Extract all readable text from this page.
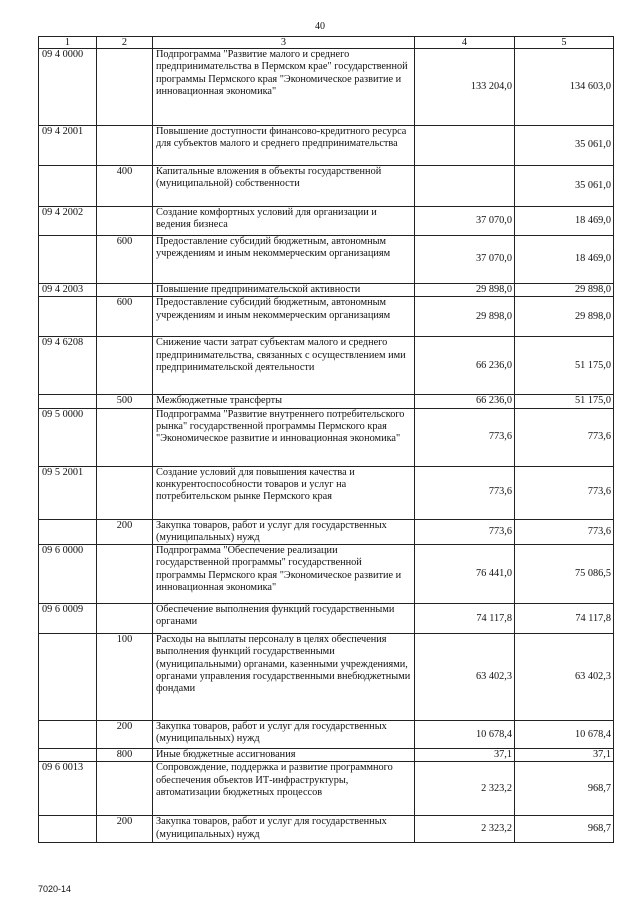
40
1	2	3	4	5
09 4 0000		Подпрограмма "Развитие малого и среднего предпринимательства в Пермском крае" государственной программы Пермского края "Экономическое развитие и инновационная экономика"	133 204,0	134 603,0
09 4 2001		Повышение доступности финансово-кредитного ресурса для субъектов малого и среднего предпринимательства		35 061,0
	400	Капитальные вложения в объекты государственной (муниципальной) собственности		35 061,0
09 4 2002		Создание комфортных условий для организации и ведения бизнеса	37 070,0	18 469,0
	600	Предоставление субсидий бюджетным, автономным учреждениям и иным некоммерческим организациям	37 070,0	18 469,0
09 4 2003		Повышение предпринимательской активности	29 898,0	29 898,0
	600	Предоставление субсидий бюджетным, автономным учреждениям и иным некоммерческим организациям	29 898,0	29 898,0
09 4 6208		Снижение части затрат субъектам малого и среднего предпринимательства, связанных с осуществлением ими предпринимательской деятельности	66 236,0	51 175,0
	500	Межбюджетные трансферты	66 236,0	51 175,0
09 5 0000		Подпрограмма "Развитие внутреннего потребительского рынка" государственной программы Пермского края "Экономическое развитие и инновационная экономика"	773,6	773,6
09 5 2001		Создание условий для повышения качества и конкурентоспособности товаров и услуг на потребительском рынке Пермского края	773,6	773,6
	200	Закупка товаров, работ и услуг для государственных (муниципальных) нужд	773,6	773,6
09 6 0000		Подпрограмма "Обеспечение реализации государственной программы" государственной программы Пермского края "Экономическое развитие и инновационная экономика"	76 441,0	75 086,5
09 6 0009		Обеспечение выполнения функций государственными органами	74 117,8	74 117,8
	100	Расходы на выплаты персоналу в целях обеспечения выполнения функций государственными (муниципальными) органами, казенными учреждениями, органами управления государственными внебюджетными фондами	63 402,3	63 402,3
	200	Закупка товаров, работ и услуг для государственных (муниципальных) нужд	10 678,4	10 678,4
	800	Иные бюджетные ассигнования	37,1	37,1
09 6 0013		Сопровождение, поддержка и развитие программного обеспечения объектов ИТ-инфраструктуры, автоматизации бюджетных процессов	2 323,2	968,7
	200	Закупка товаров, работ и услуг для государственных (муниципальных) нужд	2 323,2	968,7
7020-14
